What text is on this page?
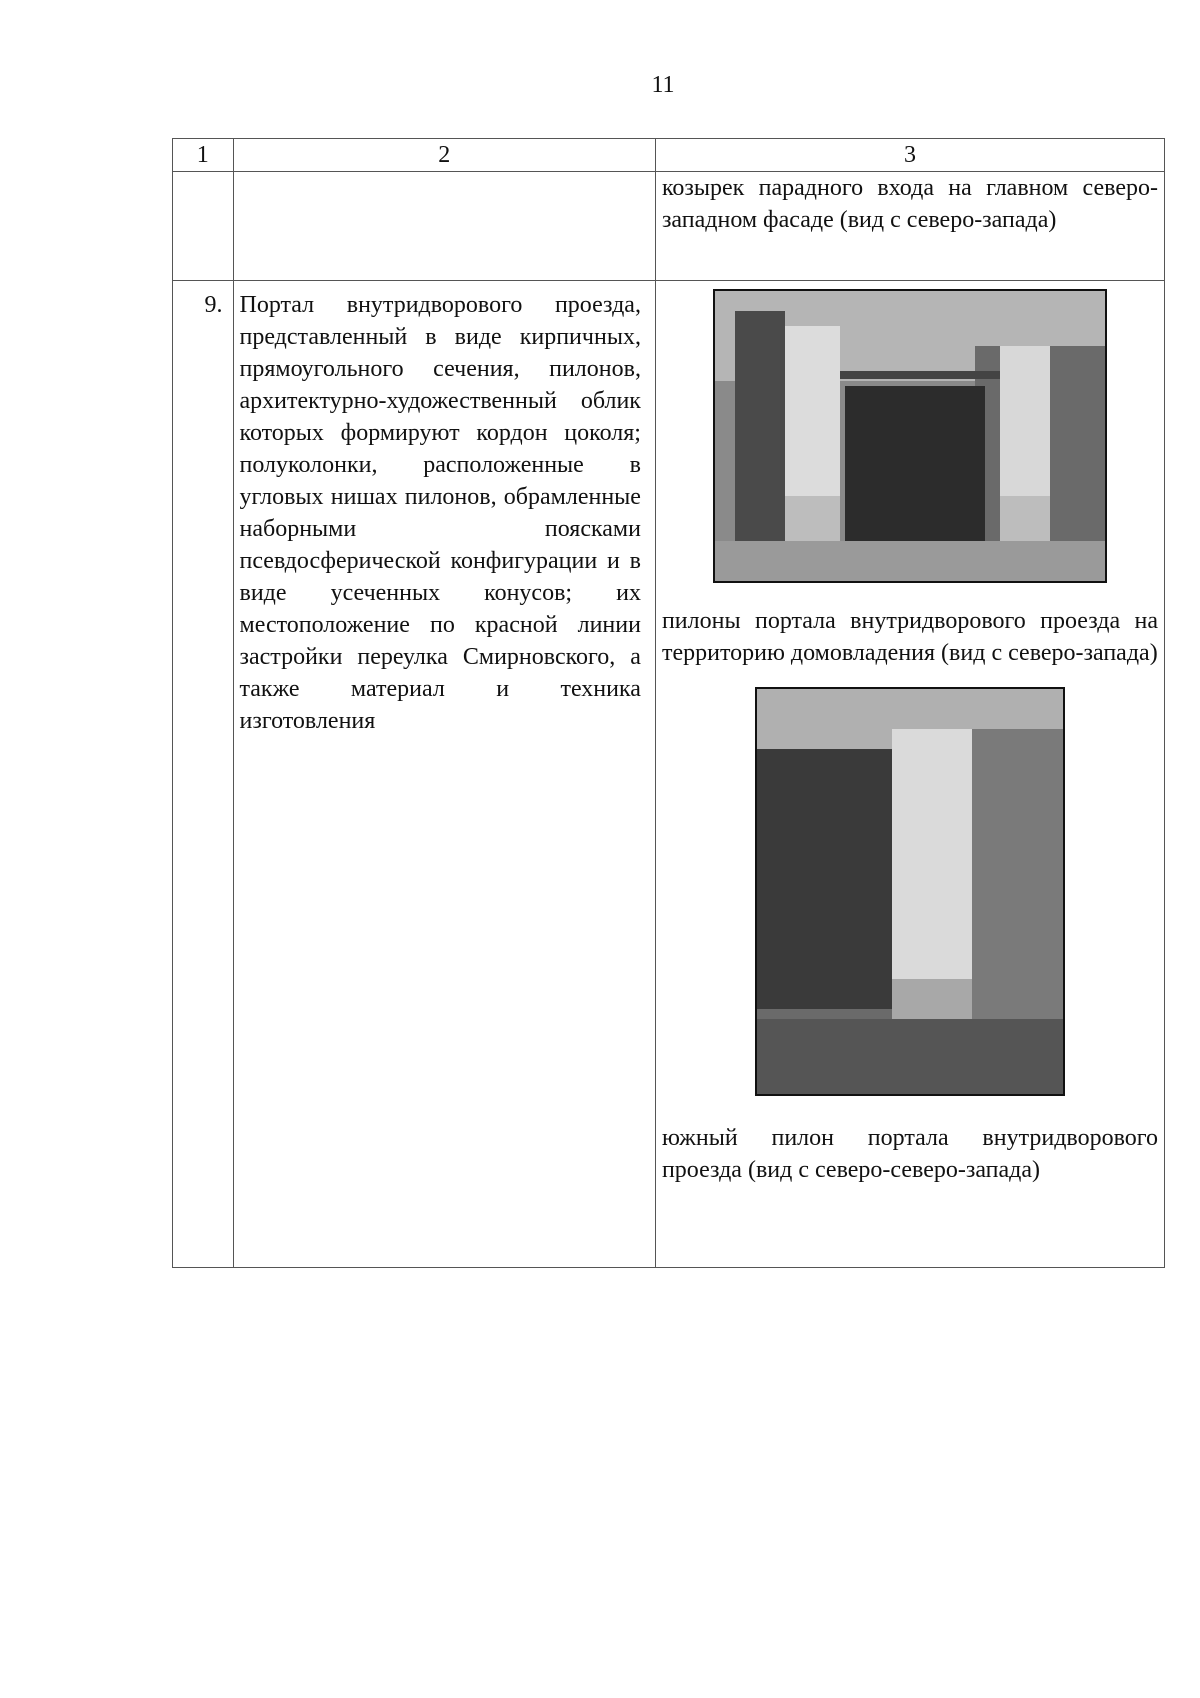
11
1	2	3

		козырек парадного входа на главном северо-западном фасаде (вид с северо-запада)

9.	Портал внутридворового проезда, представленный в виде кирпичных, прямоугольного сечения, пилонов, архитектурно-художественный облик которых формируют кордон цоколя; полуколонки, расположенные в угловых нишах пилонов, обрамленные наборными поясками псевдосферической конфигурации и в виде усеченных конусов; их местоположение по красной линии застройки переулка Смирновского, а также материал и техника изготовления	пилоны портала внутридворового проезда на территорию домовладения (вид с северо-запада)

южный пилон портала внутридворового проезда (вид с северо-северо-запада)
